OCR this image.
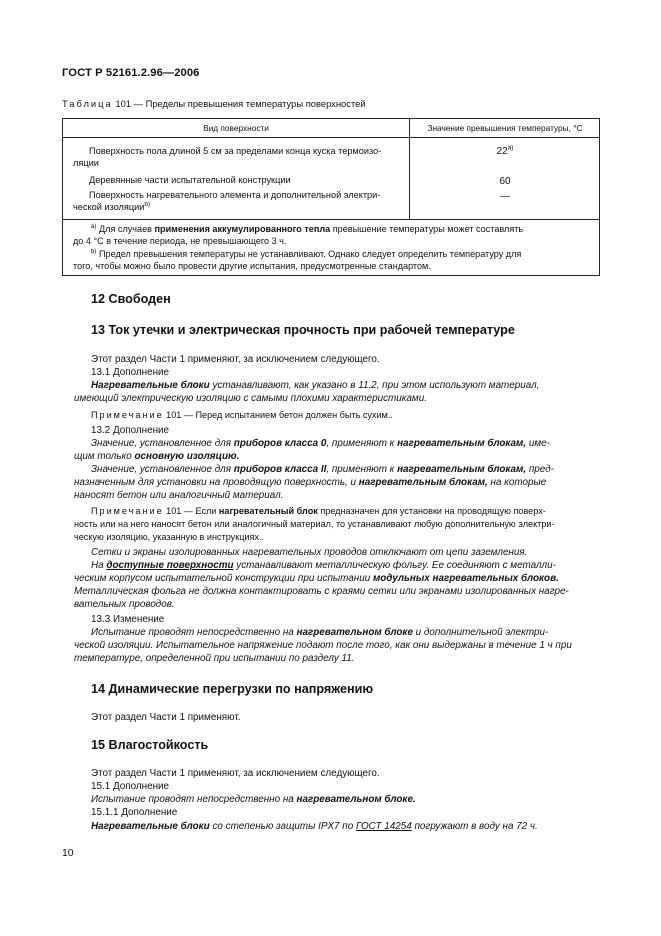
ГОСТ Р 52161.2.96—2006
Таблица 101 — Пределы превышения температуры поверхностей
Вид поверхности	Значение превышения температуры, °С
Поверхность пола длиной 5 см за пределами конца куска термоизо-
ляции
22$^{a)}$
Деревянные части испытательной конструкции	60
Поверхность нагревательного элемента и дополнительной электри-
ческой изоляции$^{b)}$
—
$^{a)}$ Для случаев применения аккумулированного тепла превышение температуры может составлять
до 4 °С в течение периода, не превышающего 3 ч.
$^{b)}$ Предел превышения температуры не устанавливают. Однако следует определить температуру для
того, чтобы можно было провести другие испытания, предусмотренные стандартом.
12 Свободен
13 Ток утечки и электрическая прочность при рабочей температуре
Этот раздел Части 1 применяют, за исключением следующего.
13.1 Дополнение
Нагревательные блоки устанавливают, как указано в 11.2, при этом используют материал,
имеющий электрическую изоляцию с самыми плохими характеристиками.
Примечание 101 — Перед испытанием бетон должен быть сухим..
13.2 Дополнение
Значение, установленное для приборов класса 0, применяют к нагревательным блокам, име-
щим только основную изоляцию.
Значение, установленное для приборов класса II, применяют к нагревательным блокам, пред-
назначенным для установки на проводящую поверхность, и нагревательным блокам, на которые
наносят бетон или аналогичный материал.
Примечание 101 — Если нагревательный блок предназначен для установки на проводящую поверх-
ность или на него наносят бетон или аналогичный материал, то устанавливают любую дополнительную электри-
ческую изоляцию, указанную в инструкциях..
Сетки и экраны изолированных нагревательных проводов отключают от цепи заземления.
На доступные поверхности устанавливают металлическую фольгу. Ее соединяют с металли-
ческим корпусом испытательной конструкции при испытании модульных нагревательных блоков.
Металлическая фольга не должна контактировать с краями сетки или экранами изолированных нагре-
вательных проводов.
13.3 Изменение
Испытание проводят непосредственно на нагревательном блоке и дополнительной электри-
ческой изоляции. Испытательное напряжение подают после того, как они выдержаны в течение 1 ч при
температуре, определенной при испытании по разделу 11.
14 Динамические перегрузки по напряжению
Этот раздел Части 1 применяют.
15 Влагостойкость
Этот раздел Части 1 применяют, за исключением следующего.
15.1 Дополнение
Испытание проводят непосредственно на нагревательном блоке.
15.1.1 Дополнение
Нагревательные блоки со степенью защиты IPX7 по ГОСТ 14254 погружают в воду на 72 ч.
10
